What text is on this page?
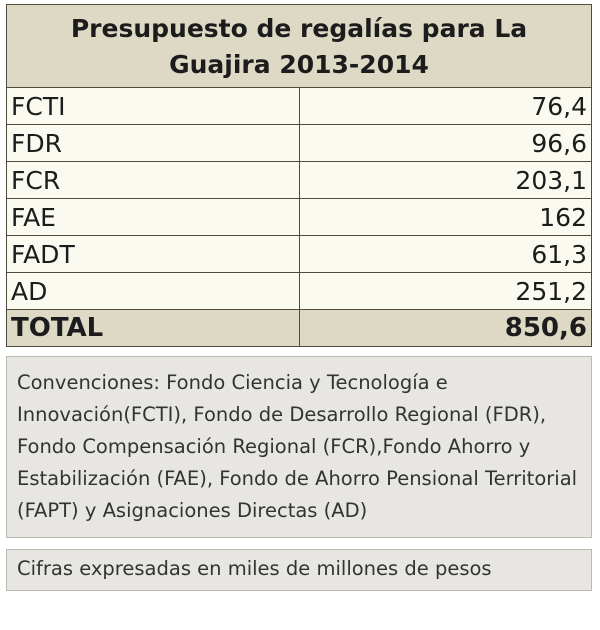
Presupuesto de regalías para La Guajira 2013-2014	
FCTI	76,4
FDR	96,6
FCR	203,1
FAE	162
FADT	61,3
AD	251,2
TOTAL	850,6
Convenciones: Fondo Ciencia y Tecnología e Innovación(FCTI), Fondo de Desarrollo Regional (FDR), Fondo Compensación Regional (FCR),Fondo Ahorro y Estabilización (FAE), Fondo de Ahorro Pensional Territorial (FAPT) y Asignaciones Directas (AD)
Cifras expresadas en miles de millones de pesos
